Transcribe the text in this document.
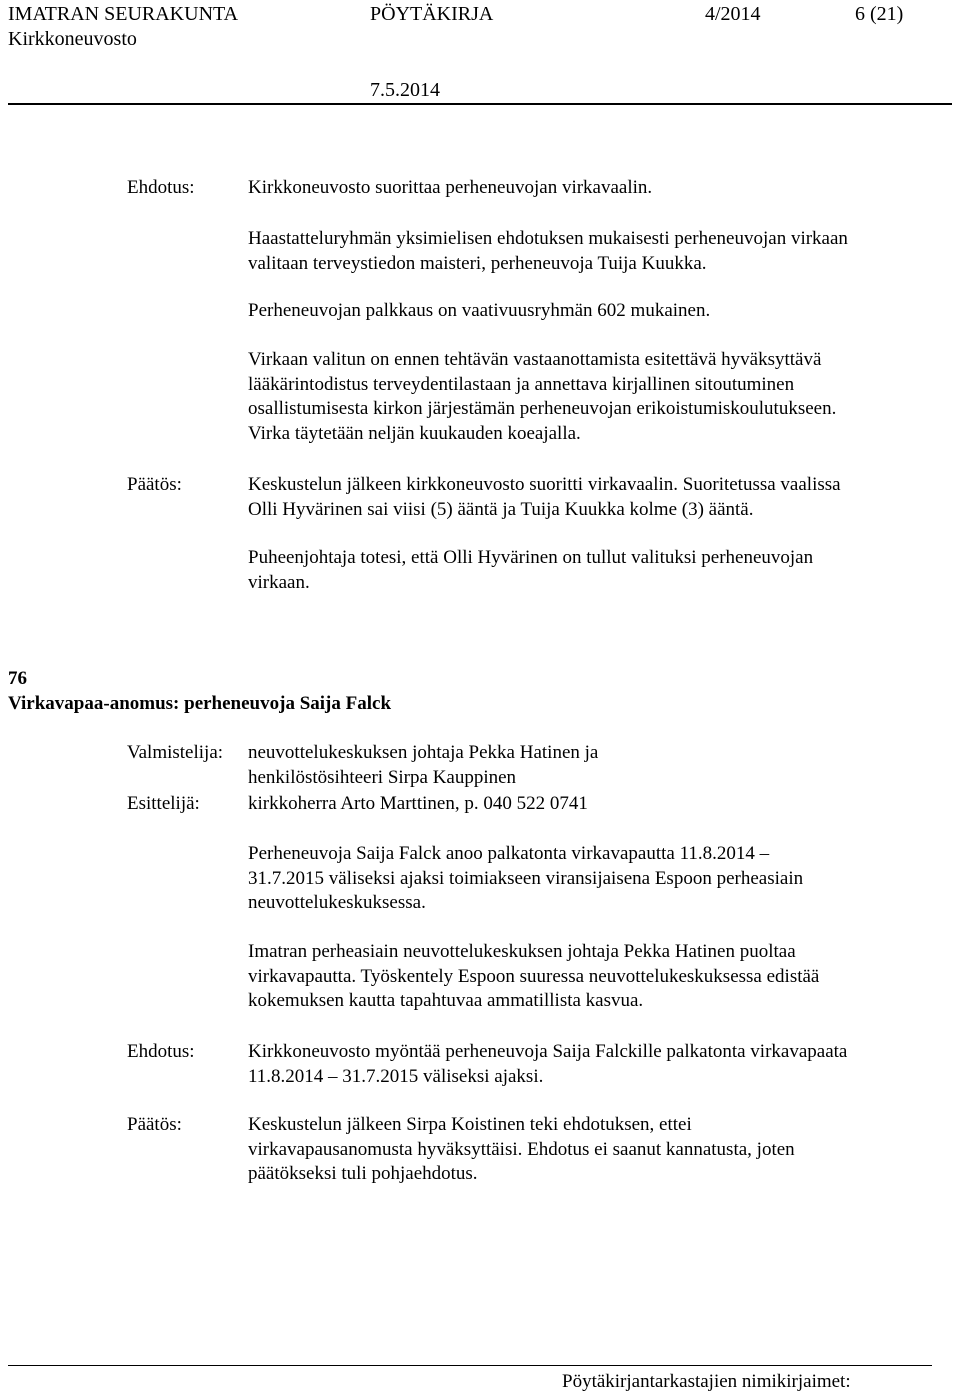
IMATRAN SEURAKUNTA	PÖYTÄKIRJA	4/2014	6 (21)
Kirkkoneuvosto
7.5.2014
Ehdotus:	Kirkkoneuvosto suorittaa perheneuvojan virkavaalin.
Haastatteluryhmän yksimielisen ehdotuksen mukaisesti perheneuvojan virkaan
valitaan terveystiedon maisteri, perheneuvoja Tuija Kuukka.
Perheneuvojan palkkaus on vaativuusryhmän 602 mukainen.
Virkaan valitun on ennen tehtävän vastaanottamista esitettävä hyväksyttävä
lääkärintodistus terveydentilastaan ja annettava kirjallinen sitoutuminen
osallistumisesta kirkon järjestämän perheneuvojan erikoistumiskoulutukseen.
Virka täytetään neljän kuukauden koeajalla.
Päätös:	Keskustelun jälkeen kirkkoneuvosto suoritti virkavaalin. Suoritetussa vaalissa
Olli Hyvärinen sai viisi (5) ääntä ja Tuija Kuukka kolme (3) ääntä.
Puheenjohtaja totesi, että Olli Hyvärinen on tullut valituksi perheneuvojan
virkaan.
76
Virkavapaa-anomus: perheneuvoja Saija Falck
Valmistelija: neuvottelukeskuksen johtaja Pekka Hatinen ja
henkilöstösihteeri Sirpa Kauppinen
Esittelijä:	kirkkoherra Arto Marttinen, p. 040 522 0741
Perheneuvoja Saija Falck anoo palkatonta virkavapautta 11.8.2014 –
31.7.2015 väliseksi ajaksi toimiakseen viransijaisena Espoon perheasiain
neuvottelukeskuksessa.
Imatran perheasiain neuvottelukeskuksen johtaja Pekka Hatinen puoltaa
virkavapautta. Työskentely Espoon suuressa neuvottelukeskuksessa edistää
kokemuksen kautta tapahtuvaa ammatillista kasvua.
Ehdotus:	Kirkkoneuvosto myöntää perheneuvoja Saija Falckille palkatonta virkavapaata
11.8.2014 – 31.7.2015 väliseksi ajaksi.
Päätös:	Keskustelun jälkeen Sirpa Koistinen teki ehdotuksen, ettei
virkavapausanomusta hyväksyttäisi. Ehdotus ei saanut kannatusta, joten
päätökseksi tuli pohjaehdotus.
Pöytäkirjantarkastajien nimikirjaimet:
